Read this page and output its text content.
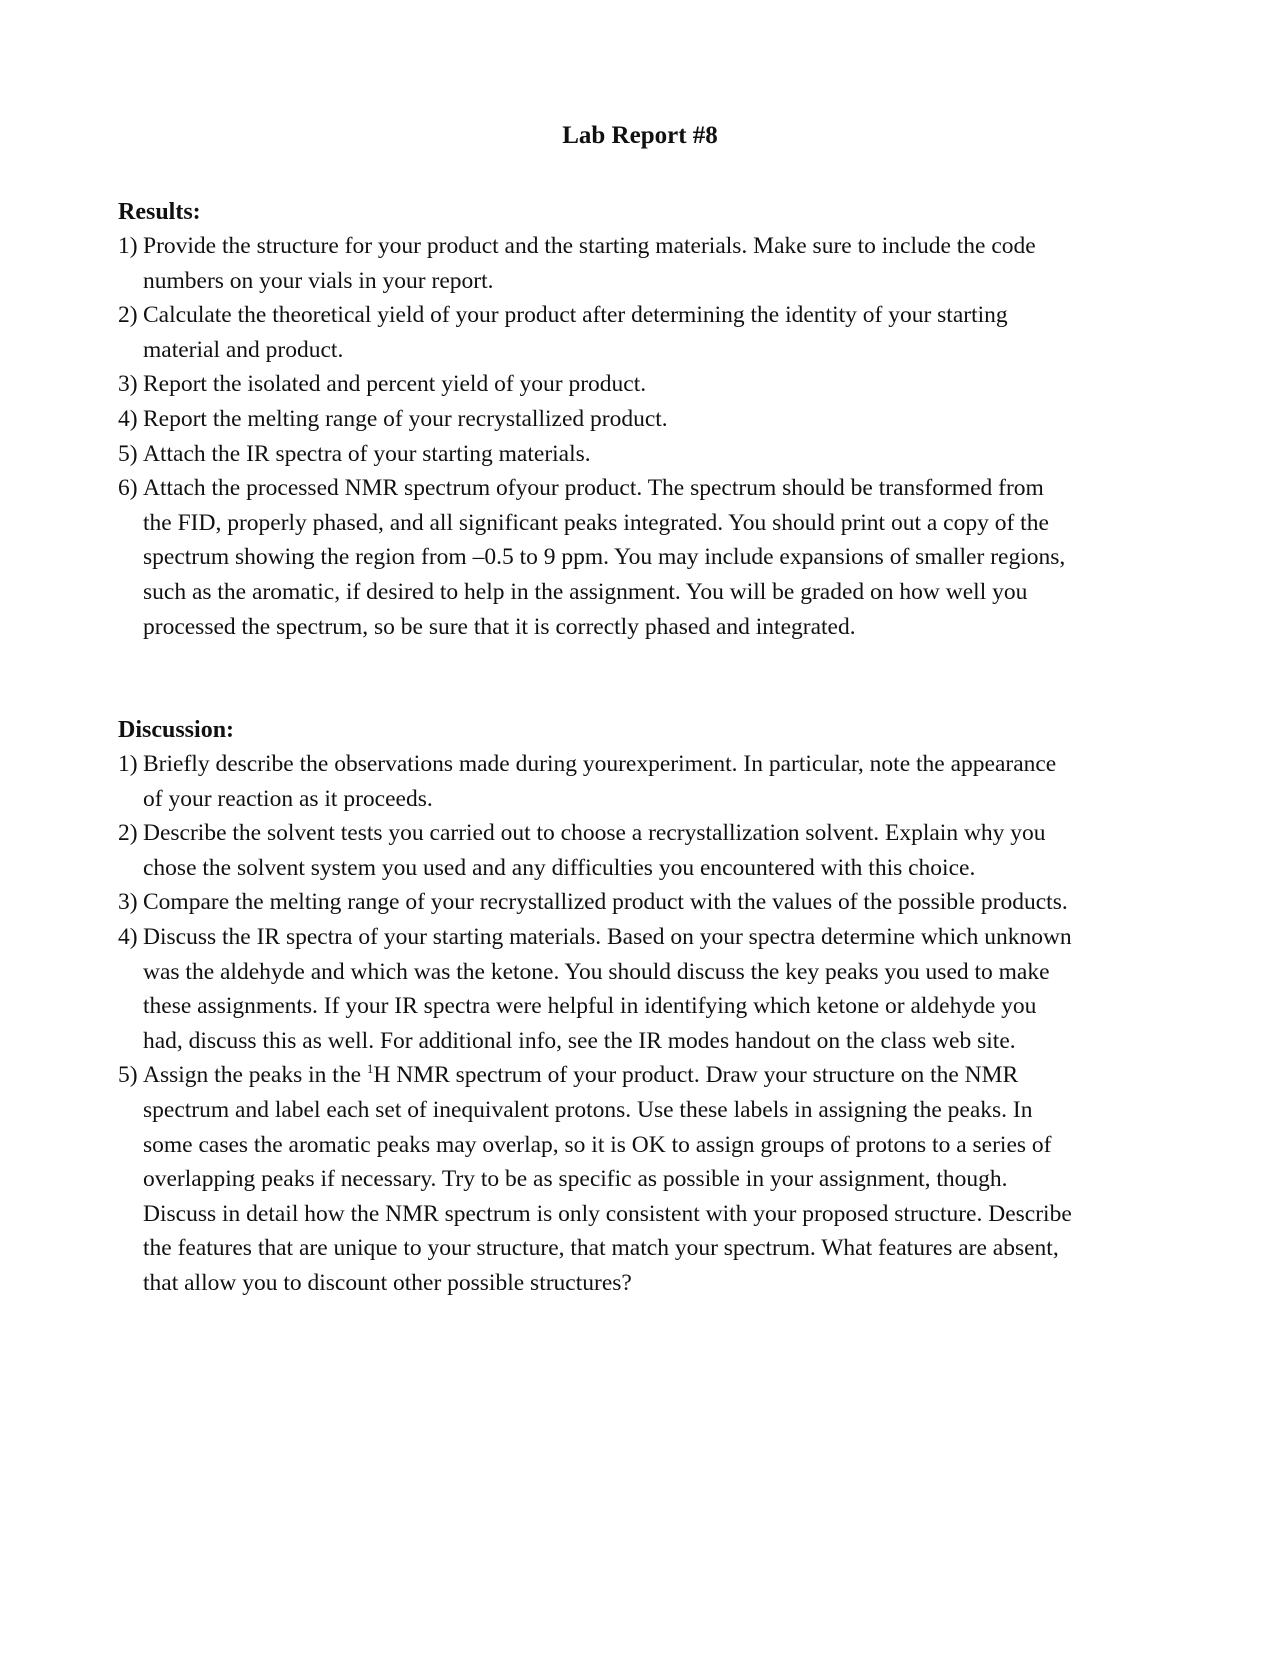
Lab Report #8

Results:

1) Provide the structure for your product and the starting materials. Make sure to include the code numbers on your vials in your report.
2) Calculate the theoretical yield of your product after determining the identity of your starting material and product.
3) Report the isolated and percent yield of your product.
4) Report the melting range of your recrystallized product.
5) Attach the IR spectra of your starting materials.
6) Attach the processed NMR spectrum ofyour product. The spectrum should be transformed from the FID, properly phased, and all significant peaks integrated. You should print out a copy of the spectrum showing the region from –0.5 to 9 ppm. You may include expansions of smaller regions, such as the aromatic, if desired to help in the assignment. You will be graded on how well you processed the spectrum, so be sure that it is correctly phased and integrated.

Discussion:

1) Briefly describe the observations made during yourexperiment. In particular, note the appearance of your reaction as it proceeds.
2) Describe the solvent tests you carried out to choose a recrystallization solvent. Explain why you chose the solvent system you used and any difficulties you encountered with this choice.
3) Compare the melting range of your recrystallized product with the values of the possible products.
4) Discuss the IR spectra of your starting materials. Based on your spectra determine which unknown was the aldehyde and which was the ketone. You should discuss the key peaks you used to make these assignments. If your IR spectra were helpful in identifying which ketone or aldehyde you had, discuss this as well. For additional info, see the IR modes handout on the class web site.
5) Assign the peaks in the $^1$H NMR spectrum of your product. Draw your structure on the NMR spectrum and label each set of inequivalent protons. Use these labels in assigning the peaks. In some cases the aromatic peaks may overlap, so it is OK to assign groups of protons to a series of overlapping peaks if necessary. Try to be as specific as possible in your assignment, though. Discuss in detail how the NMR spectrum is only consistent with your proposed structure. Describe the features that are unique to your structure, that match your spectrum. What features are absent, that allow you to discount other possible structures?
